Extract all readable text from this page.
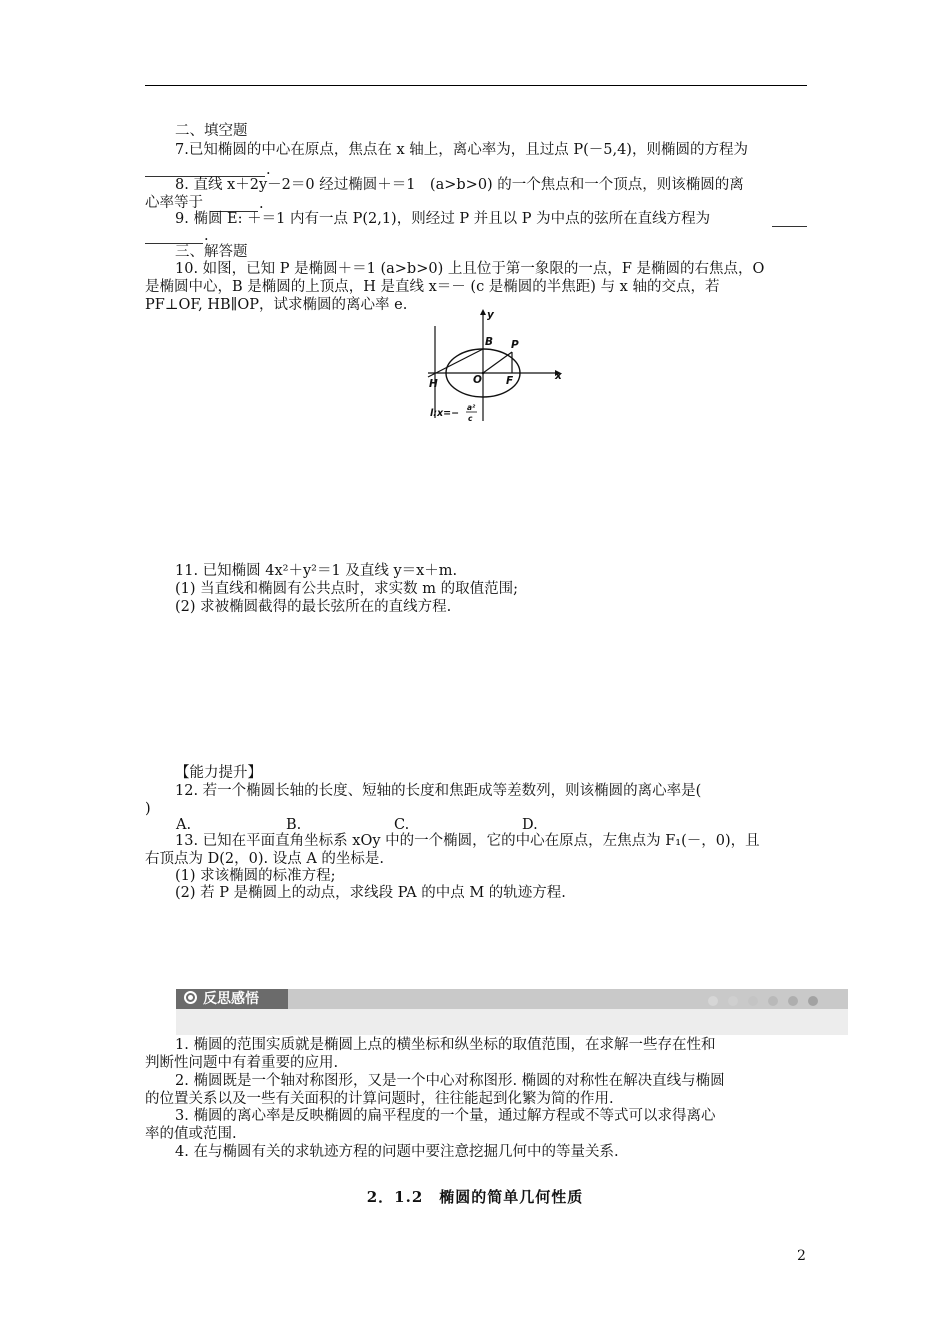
二、填空题
7.已知椭圆的中心在原点，焦点在 x 轴上，离心率为，且过点 P(－5,4)，则椭圆的方程为
.
8. 直线 x＋2y－2＝0 经过椭圆＋＝1　(a>b>0) 的一个焦点和一个顶点，则该椭圆的离
心率等于	.
9. 椭圆 E: ＋＝1 内有一点 P(2,1)，则经过 P 并且以 P 为中点的弦所在直线方程为
.
三、解答题
10. 如图，已知 P 是椭圆＋＝1 (a>b>0) 上且位于第一象限的一点，F 是椭圆的右焦点，O
是椭圆中心，B 是椭圆的上顶点，H 是直线 x＝－ (c 是椭圆的半焦距) 与 x 轴的交点，若
PF⊥OF, HB∥OP，试求椭圆的离心率 e.
y
x
B P
H	O F
l:x=−
a²
c
11. 已知椭圆 4x²＋y²＝1 及直线 y＝x＋m.
(1) 当直线和椭圆有公共点时，求实数 m 的取值范围;
(2) 求被椭圆截得的最长弦所在的直线方程.
【能力提升】
12. 若一个椭圆长轴的长度、短轴的长度和焦距成等差数列，则该椭圆的离心率是(
)
A.	B.	C.	D.
13. 已知在平面直角坐标系 xOy 中的一个椭圆，它的中心在原点，左焦点为 F₁(－，0)，且
右顶点为 D(2，0). 设点 A 的坐标是.
(1) 求该椭圆的标准方程;
(2) 若 P 是椭圆上的动点，求线段 PA 的中点 M 的轨迹方程.
反思感悟
1. 椭圆的范围实质就是椭圆上点的横坐标和纵坐标的取值范围，在求解一些存在性和
判断性问题中有着重要的应用.
2. 椭圆既是一个轴对称图形，又是一个中心对称图形. 椭圆的对称性在解决直线与椭圆
的位置关系以及一些有关面积的计算问题时，往往能起到化繁为简的作用.
3. 椭圆的离心率是反映椭圆的扁平程度的一个量，通过解方程或不等式可以求得离心
率的值或范围.
4. 在与椭圆有关的求轨迹方程的问题中要注意挖掘几何中的等量关系.
2．1.2　椭圆的简单几何性质
2
